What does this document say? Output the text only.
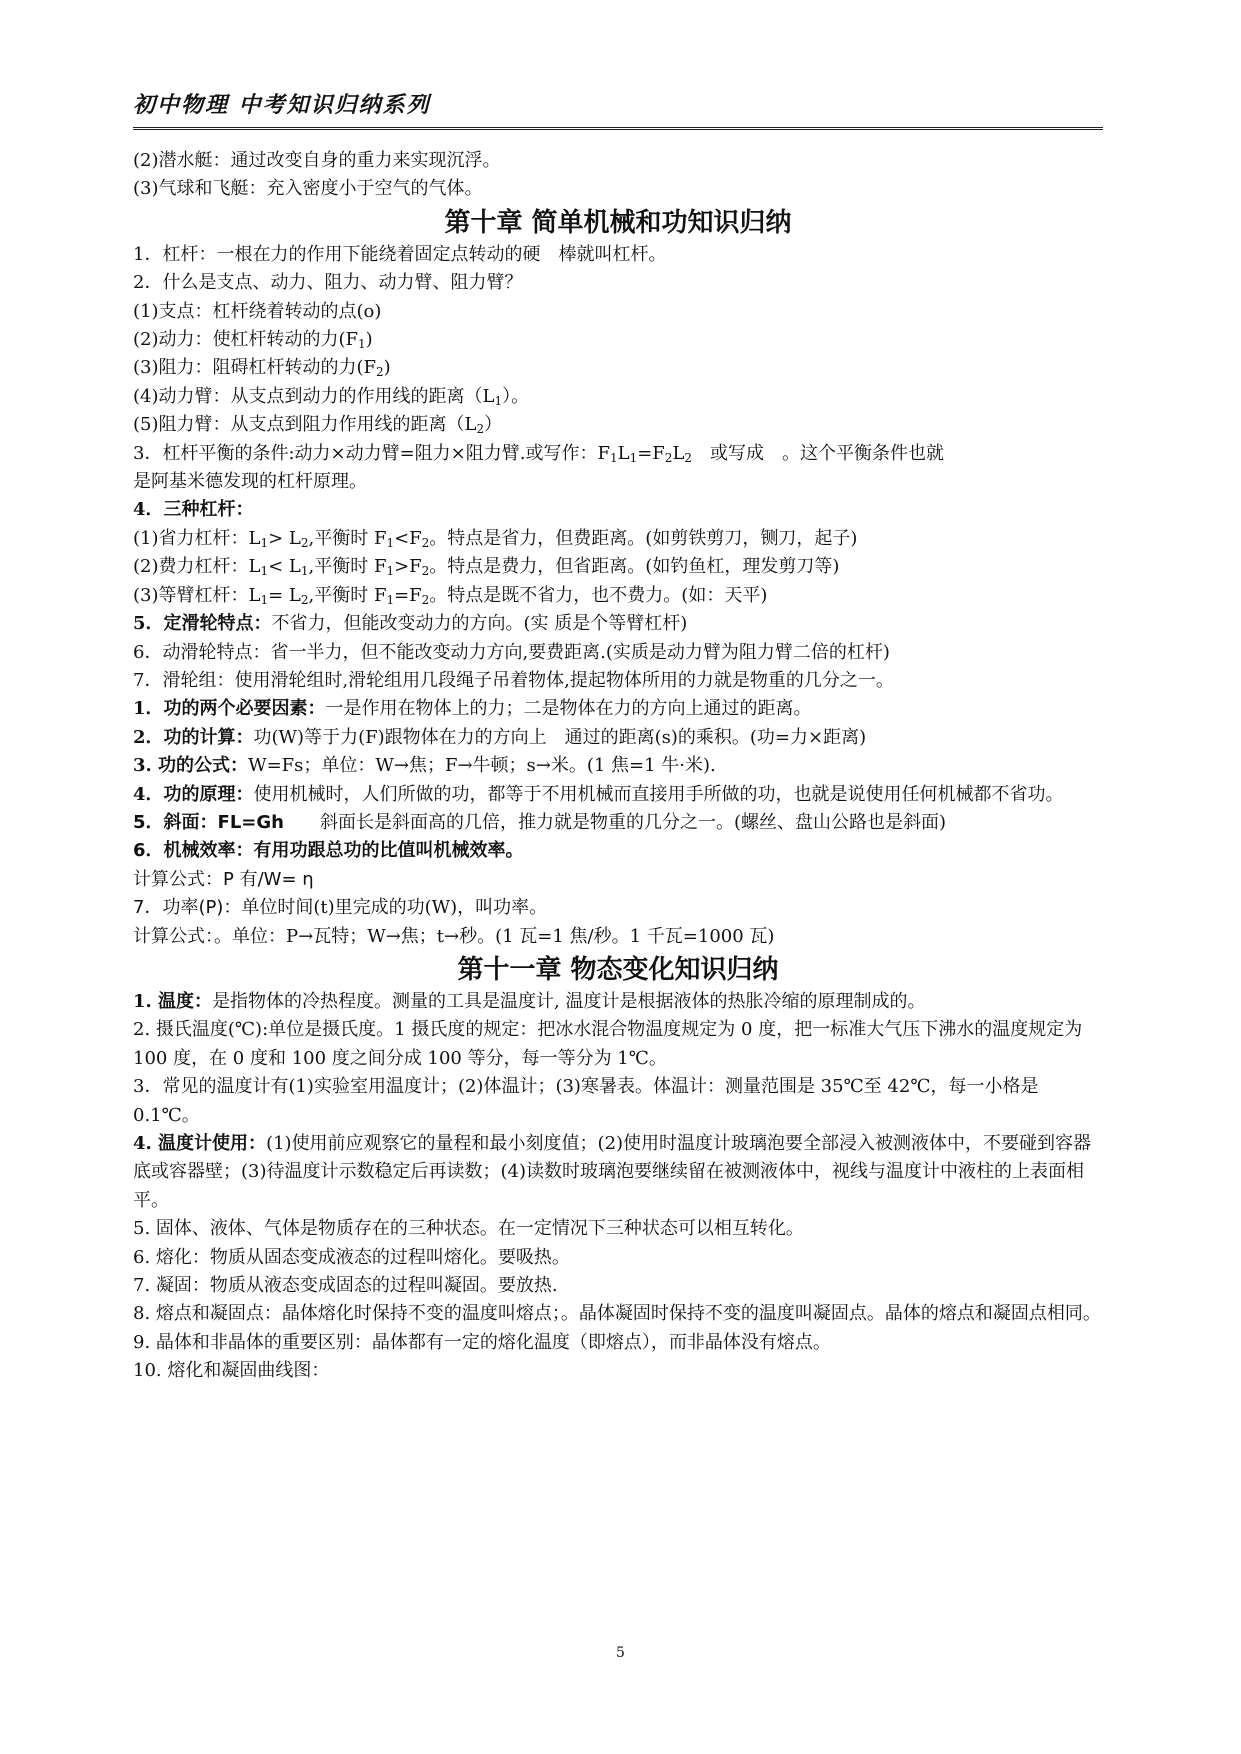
初中物理 中考知识归纳系列
(2)潜水艇：通过改变自身的重力来实现沉浮。
(3)气球和飞艇：充入密度小于空气的气体。
第十章 简单机械和功知识归纳
1．杠杆：一根在力的作用下能绕着固定点转动的硬　棒就叫杠杆。
2．什么是支点、动力、阻力、动力臂、阻力臂？
(1)支点：杠杆绕着转动的点(o)
(2)动力：使杠杆转动的力$(F_1)$
(3)阻力：阻碍杠杆转动的力$(F_2)$
(4)动力臂：从支点到动力的作用线的距离$(L_1)$。
(5)阻力臂：从支点到阻力作用线的距离$(L_2)$
3．杠杆平衡的条件:动力×动力臂=阻力×阻力臂.或写作：$F_1L_1=F_2L_2$　或写成　。这个平衡条件也就
是阿基米德发现的杠杆原理。
4．三种杠杆：
(1)省力杠杆：$L_1> L_2$,平衡时 $F_1<F_2$。特点是省力，但费距离。(如剪铁剪刀，铡刀，起子)
(2)费力杠杆：$L_1< L_1$,平衡时 $F_1>F_2$。特点是费力，但省距离。(如钓鱼杠，理发剪刀等)
(3)等臂杠杆：$L_1= L_2$,平衡时 $F_1=F_2$。特点是既不省力，也不费力。(如：天平)
5．定滑轮特点：不省力，但能改变动力的方向。(实 质是个等臂杠杆)
6．动滑轮特点：省一半力，但不能改变动力方向,要费距离.(实质是动力臂为阻力臂二倍的杠杆)
7．滑轮组：使用滑轮组时,滑轮组用几段绳子吊着物体,提起物体所用的力就是物重的几分之一。
1．功的两个必要因素：一是作用在物体上的力；二是物体在力的方向上通过的距离。
2．功的计算：功(W)等于力(F)跟物体在力的方向上　通过的距离(s)的乘积。(功=力×距离)
3. 功的公式：W=Fs；单位：W→焦；F→牛顿；s→米。(1 焦=1 牛·米).
4．功的原理：使用机械时，人们所做的功，都等于不用机械而直接用手所做的功，也就是说使用任何机械都不省功。
5．斜面：FL=Gh　　斜面长是斜面高的几倍，推力就是物重的几分之一。(螺丝、盘山公路也是斜面)
6．机械效率：有用功跟总功的比值叫机械效率。
计算公式：P 有/W= η
7．功率(P)：单位时间(t)里完成的功(W)，叫功率。
计算公式：。单位：P→瓦特；W→焦；t→秒。(1 瓦=1 焦/秒。1 千瓦=1000 瓦)
第十一章 物态变化知识归纳
1. 温度：是指物体的冷热程度。测量的工具是温度计, 温度计是根据液体的热胀冷缩的原理制成的。
2. 摄氏温度(℃):单位是摄氏度。1 摄氏度的规定：把冰水混合物温度规定为 0 度，把一标准大气压下沸水的温度规定为 100 度，在 0 度和 100 度之间分成 100 等分，每一等分为 1℃。
3．常见的温度计有(1)实验室用温度计；(2)体温计；(3)寒暑表。体温计：测量范围是 35℃至 42℃，每一小格是 0.1℃。
4. 温度计使用：(1)使用前应观察它的量程和最小刻度值；(2)使用时温度计玻璃泡要全部浸入被测液体中，不要碰到容器底或容器壁；(3)待温度计示数稳定后再读数；(4)读数时玻璃泡要继续留在被测液体中，视线与温度计中液柱的上表面相平。
5. 固体、液体、气体是物质存在的三种状态。在一定情况下三种状态可以相互转化。
6. 熔化：物质从固态变成液态的过程叫熔化。要吸热。
7. 凝固：物质从液态变成固态的过程叫凝固。要放热.
8. 熔点和凝固点：晶体熔化时保持不变的温度叫熔点；。晶体凝固时保持不变的温度叫凝固点。晶体的熔点和凝固点相同。
9. 晶体和非晶体的重要区别：晶体都有一定的熔化温度（即熔点），而非晶体没有熔点。
10. 熔化和凝固曲线图：
5
